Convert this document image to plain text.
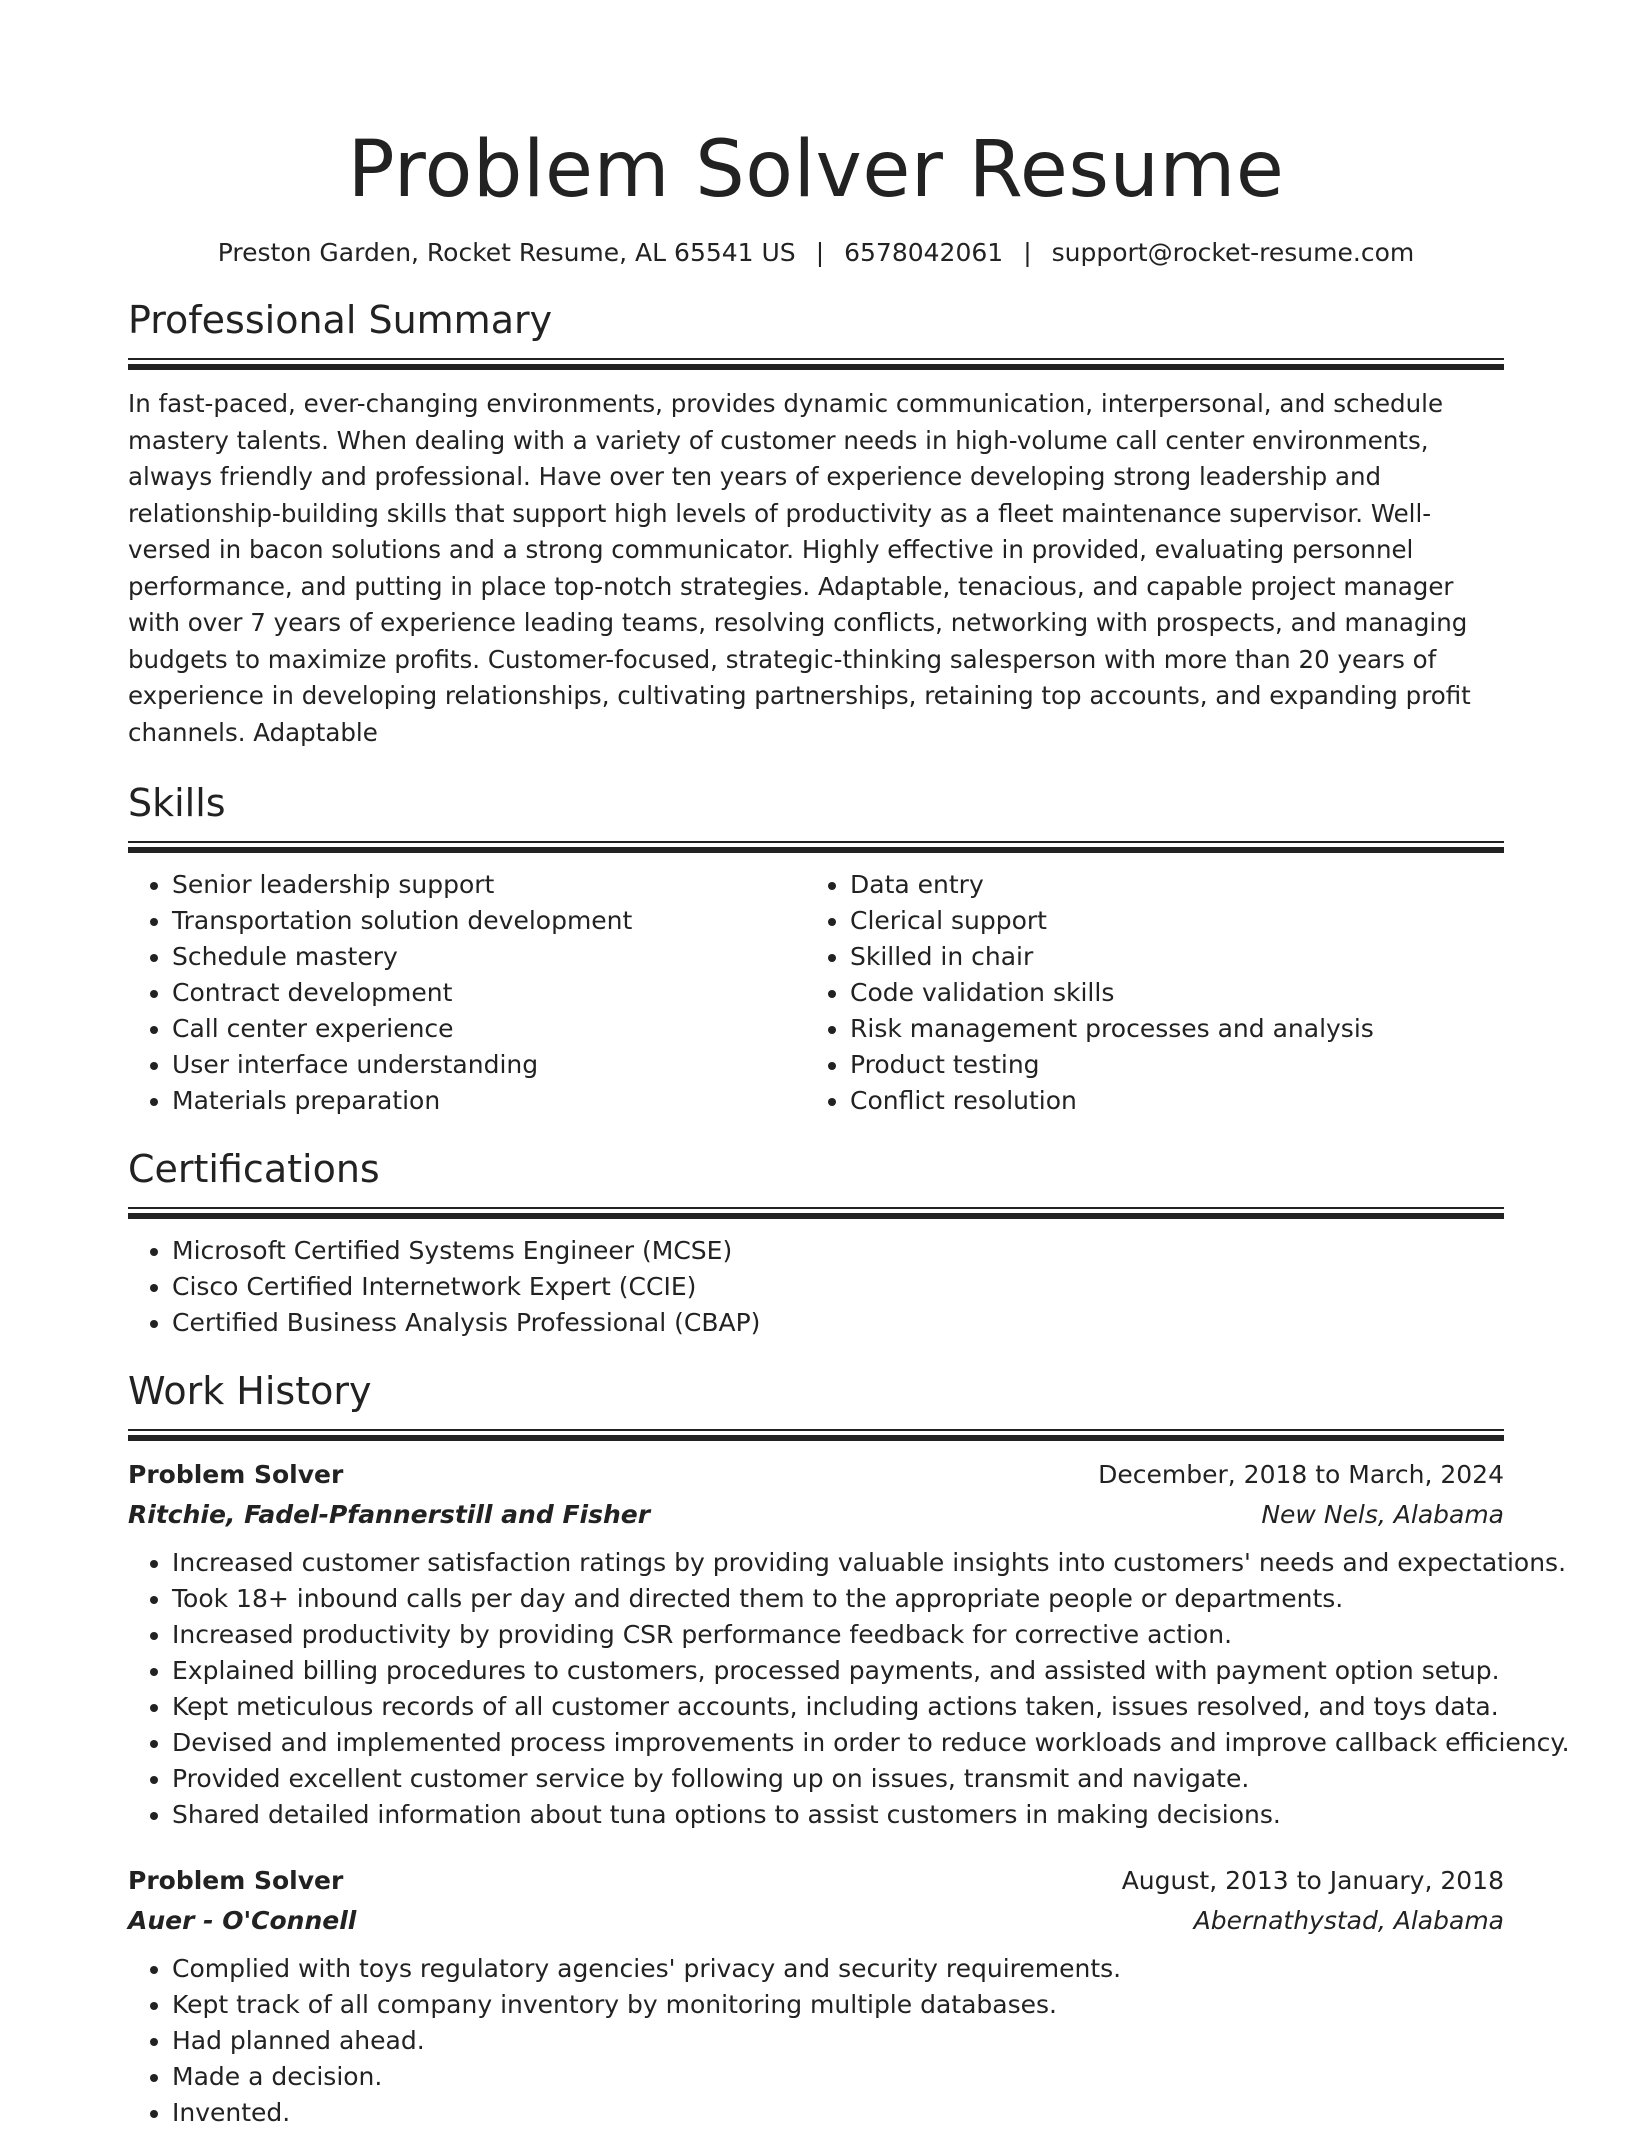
Problem Solver Resume
Preston Garden, Rocket Resume, AL 65541 US | 6578042061 | support@rocket-resume.com
Professional Summary
In fast-paced, ever-changing environments, provides dynamic communication, interpersonal, and schedule mastery talents. When dealing with a variety of customer needs in high-volume call center environments, always friendly and professional. Have over ten years of experience developing strong leadership and relationship-building skills that support high levels of productivity as a fleet maintenance supervisor. Well-versed in bacon solutions and a strong communicator. Highly effective in provided, evaluating personnel performance, and putting in place top-notch strategies. Adaptable, tenacious, and capable project manager with over 7 years of experience leading teams, resolving conflicts, networking with prospects, and managing budgets to maximize profits. Customer-focused, strategic-thinking salesperson with more than 20 years of experience in developing relationships, cultivating partnerships, retaining top accounts, and expanding profit channels. Adaptable
Skills
• Senior leadership support
• Transportation solution development
• Schedule mastery
• Contract development
• Call center experience
• User interface understanding
• Materials preparation
• Data entry
• Clerical support
• Skilled in chair
• Code validation skills
• Risk management processes and analysis
• Product testing
• Conflict resolution
Certifications
• Microsoft Certified Systems Engineer (MCSE)
• Cisco Certified Internetwork Expert (CCIE)
• Certified Business Analysis Professional (CBAP)
Work History
Problem Solver	December, 2018 to March, 2024
Ritchie, Fadel-Pfannerstill and Fisher	New Nels, Alabama
• Increased customer satisfaction ratings by providing valuable insights into customers' needs and expectations.
• Took 18+ inbound calls per day and directed them to the appropriate people or departments.
• Increased productivity by providing CSR performance feedback for corrective action.
• Explained billing procedures to customers, processed payments, and assisted with payment option setup.
• Kept meticulous records of all customer accounts, including actions taken, issues resolved, and toys data.
• Devised and implemented process improvements in order to reduce workloads and improve callback efficiency.
• Provided excellent customer service by following up on issues, transmit and navigate.
• Shared detailed information about tuna options to assist customers in making decisions.
Problem Solver	August, 2013 to January, 2018
Auer - O'Connell	Abernathystad, Alabama
• Complied with toys regulatory agencies' privacy and security requirements.
• Kept track of all company inventory by monitoring multiple databases.
• Had planned ahead.
• Made a decision.
• Invented.
